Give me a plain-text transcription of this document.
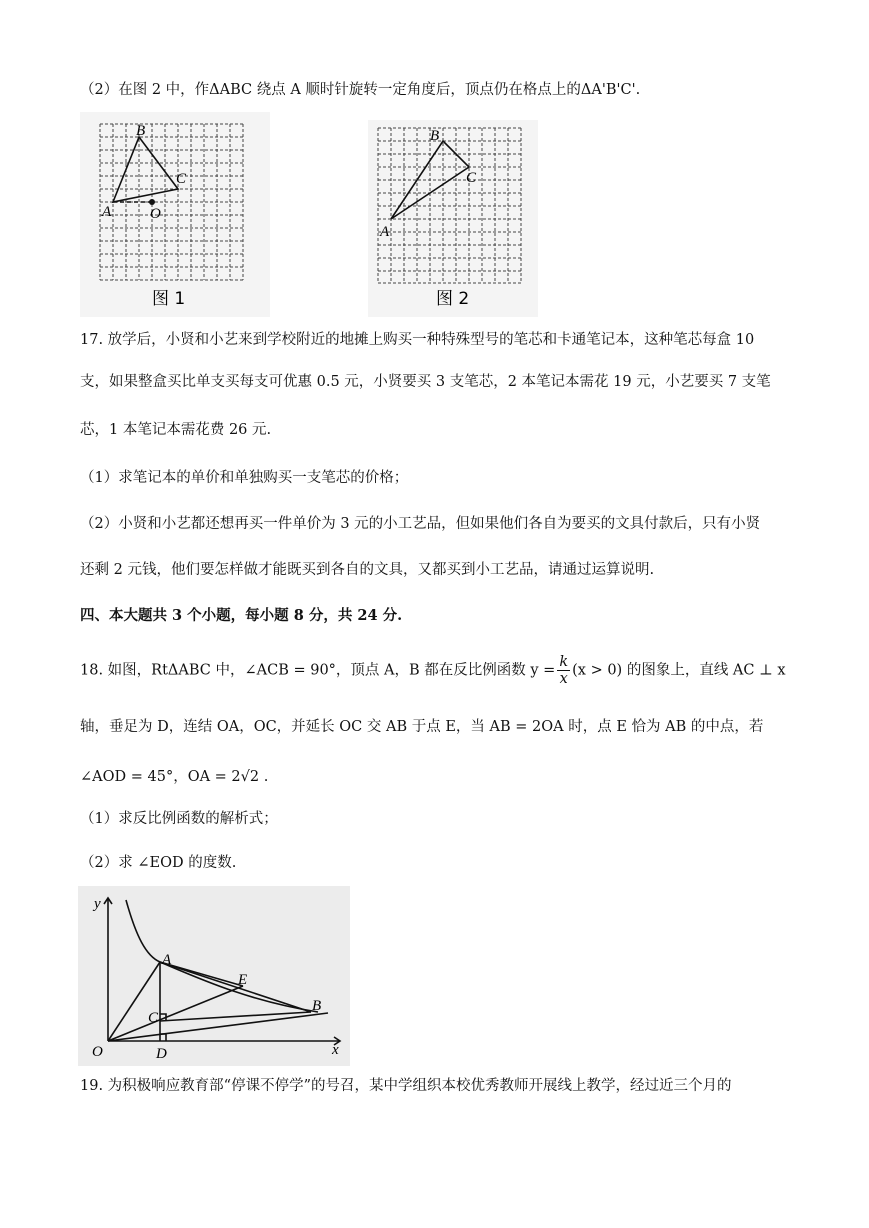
（2）在图 2 中，作ΔABC 绕点 A 顺时针旋转一定角度后，顶点仍在格点上的ΔA'B'C'.
A
B
C
O
图 1
A
B
C
图 2
17. 放学后，小贤和小艺来到学校附近的地摊上购买一种特殊型号的笔芯和卡通笔记本，这种笔芯每盒 10
支，如果整盒买比单支买每支可优惠 0.5 元，小贤要买 3 支笔芯，2 本笔记本需花 19 元，小艺要买 7 支笔
芯，1 本笔记本需花费 26 元.
（1）求笔记本的单价和单独购买一支笔芯的价格；
（2）小贤和小艺都还想再买一件单价为 3 元的小工艺品，但如果他们各自为要买的文具付款后，只有小贤
还剩 2 元钱，他们要怎样做才能既买到各自的文具，又都买到小工艺品，请通过运算说明.
四、本大题共 3 个小题，每小题 8 分，共 24 分.
18. 如图，RtΔABC 中，∠ACB = 90°，顶点 A，B 都在反比例函数 $y = \frac{k}{x} (x > 0)$ 的图象上，直线 AC ⊥ x
轴，垂足为 D，连结 OA，OC，并延长 OC 交 AB 于点 E，当 AB = 2OA 时，点 E 恰为 AB 的中点，若
∠AOD = 45°，OA = 2√2 .
（1）求反比例函数的解析式；
（2）求 ∠EOD 的度数.
y
x
O
A
B
C
D
E
19. 为积极响应教育部“停课不停学”的号召，某中学组织本校优秀教师开展线上教学，经过近三个月的
